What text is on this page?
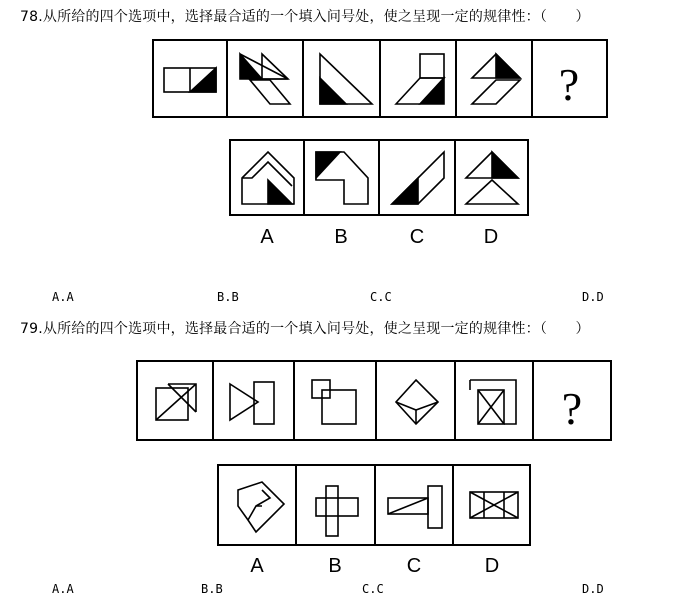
78.从所给的四个选项中，选择最合适的一个填入问号处，使之呈现一定的规律性：（　　）
?
A	B	C	D
A.A	B.B	C.C	D.D
79.从所给的四个选项中，选择最合适的一个填入问号处，使之呈现一定的规律性：（　　）
?
A	B	C	D
A.A	B.B	C.C	D.D
